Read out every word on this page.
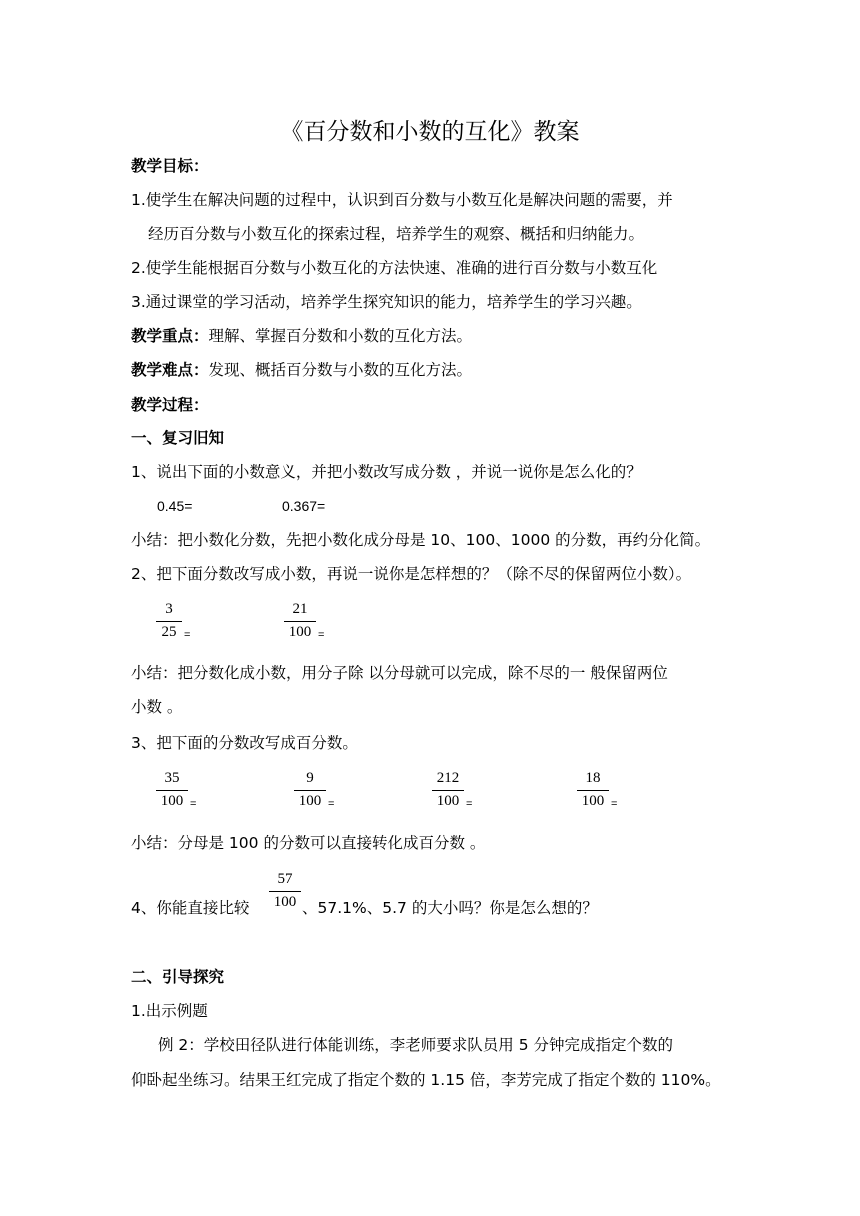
《百分数和小数的互化》教案
教学目标：
1.使学生在解决问题的过程中，认识到百分数与小数互化是解决问题的需要，并
经历百分数与小数互化的探索过程，培养学生的观察、概括和归纳能力。
2.使学生能根据百分数与小数互化的方法快速、准确的进行百分数与小数互化
3.通过课堂的学习活动，培养学生探究知识的能力，培养学生的学习兴趣。
教学重点：理解、掌握百分数和小数的互化方法。
教学难点：发现、概括百分数与小数的互化方法。
教学过程：
一、复习旧知
1、说出下面的小数意义，并把小数改写成分数 ，并说一说你是怎么化的？
0.45=	0.367=
小结：把小数化分数，先把小数化成分母是 10、100、1000 的分数，再约分化简。
2、把下面分数改写成小数，再说一说你是怎样想的？（除不尽的保留两位小数）。
3
25 =
21
100 =
小结：把分数化成小数，用分子除 以分母就可以完成，除不尽的一 般保留两位
小数 。
3、把下面的分数改写成百分数。
35
100 =
9
100 =
212
100 =
18
100 =
小结：分母是 100 的分数可以直接转化成百分数 。
4、你能直接比较
57
100 、57.1%、5.7 的大小吗？你是怎么想的？
二、引导探究
1.出示例题
例 2：学校田径队进行体能训练，李老师要求队员用 5 分钟完成指定个数的
仰卧起坐练习。结果王红完成了指定个数的 1.15 倍，李芳完成了指定个数的 110%。
